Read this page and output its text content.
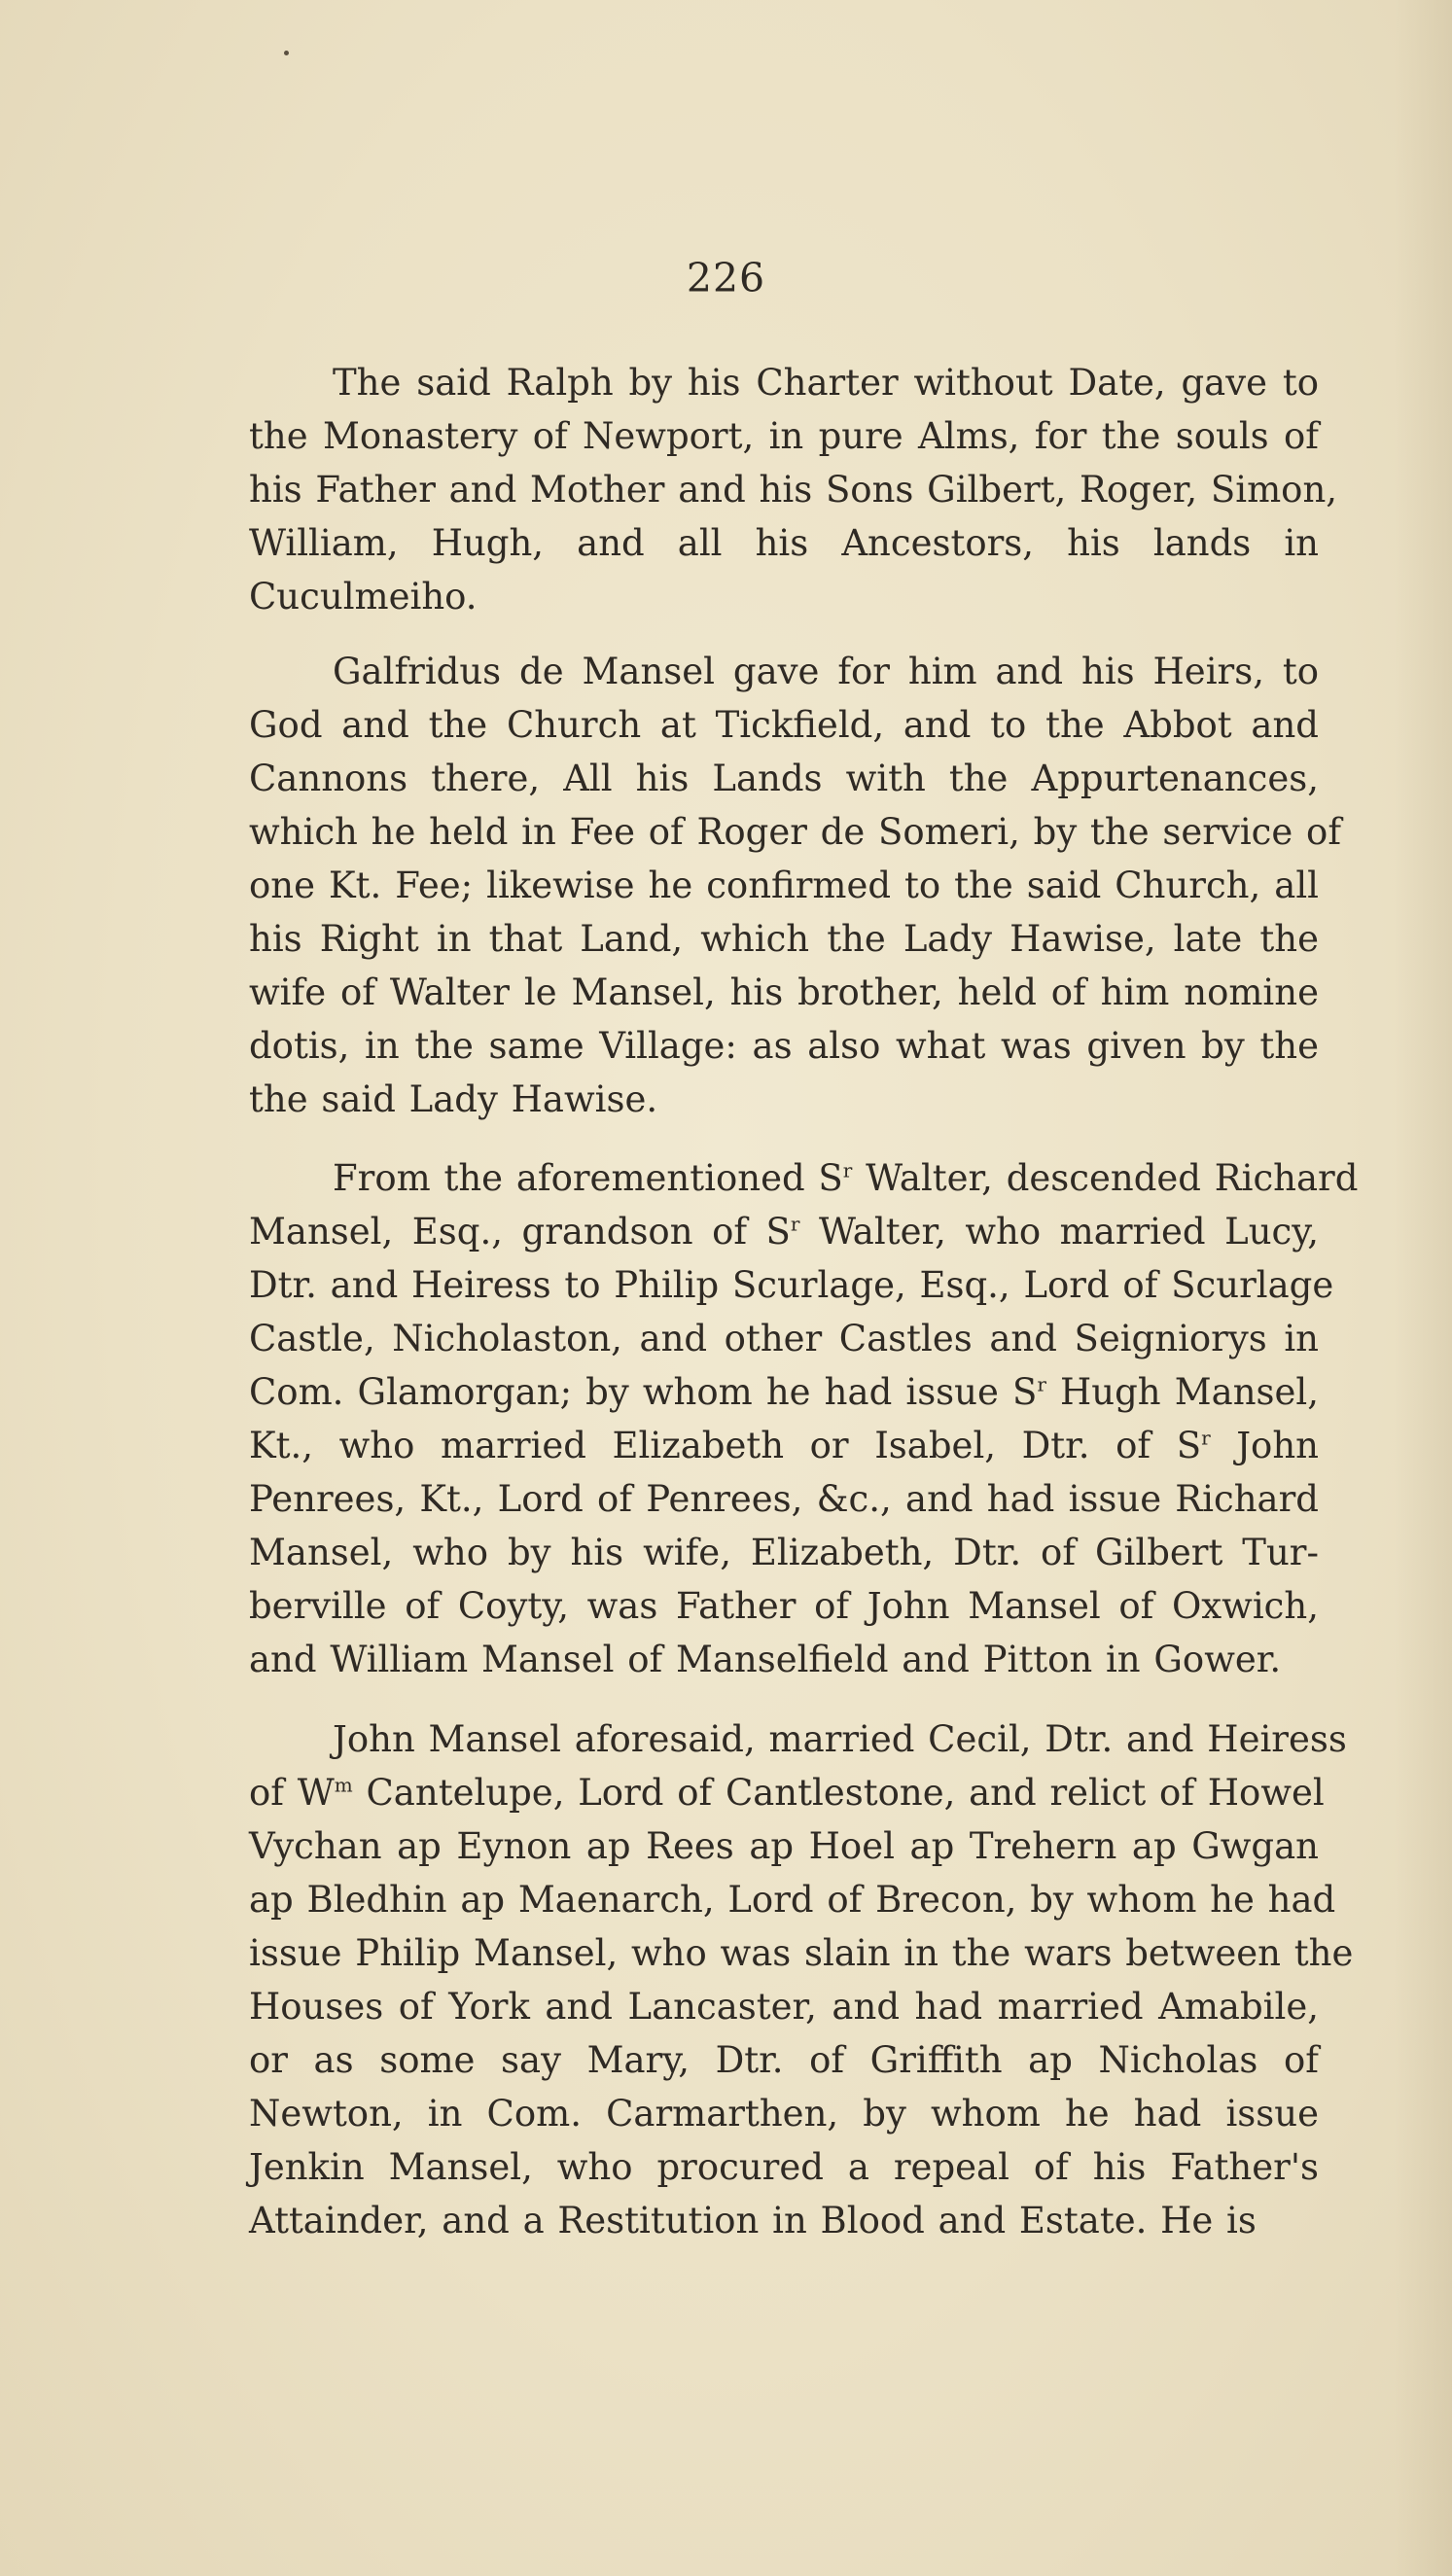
226
The said Ralph by his Charter without Date, gave to
the Monastery of Newport, in pure Alms, for the souls of
his Father and Mother and his Sons Gilbert, Roger, Simon,
William, Hugh, and all his Ancestors, his lands in
Cuculmeiho.
Galfridus de Mansel gave for him and his Heirs, to
God and the Church at Tickfield, and to the Abbot and
Cannons there, All his Lands with the Appurtenances,
which he held in Fee of Roger de Someri, by the service of
one Kt. Fee; likewise he confirmed to the said Church, all
his Right in that Land, which the Lady Hawise, late the
wife of Walter le Mansel, his brother, held of him nomine
dotis, in the same Village: as also what was given by the
the said Lady Hawise.
From the aforementioned $S^r$ Walter, descended Richard
Mansel, Esq., grandson of $S^r$ Walter, who married Lucy,
Dtr. and Heiress to Philip Scurlage, Esq., Lord of Scurlage
Castle, Nicholaston, and other Castles and Seigniorys in
Com. Glamorgan; by whom he had issue $S^r$ Hugh Mansel,
Kt., who married Elizabeth or Isabel, Dtr. of $S^r$ John
Penrees, Kt., Lord of Penrees, &c., and had issue Richard
Mansel, who by his wife, Elizabeth, Dtr. of Gilbert Tur-
berville of Coyty, was Father of John Mansel of Oxwich,
and William Mansel of Manselfield and Pitton in Gower.
John Mansel aforesaid, married Cecil, Dtr. and Heiress
of $W^m$ Cantelupe, Lord of Cantlestone, and relict of Howel
Vychan ap Eynon ap Rees ap Hoel ap Trehern ap Gwgan
ap Bledhin ap Maenarch, Lord of Brecon, by whom he had
issue Philip Mansel, who was slain in the wars between the
Houses of York and Lancaster, and had married Amabile,
or as some say Mary, Dtr. of Griffith ap Nicholas of
Newton, in Com. Carmarthen, by whom he had issue
Jenkin Mansel, who procured a repeal of his Father's
Attainder, and a Restitution in Blood and Estate. He is
